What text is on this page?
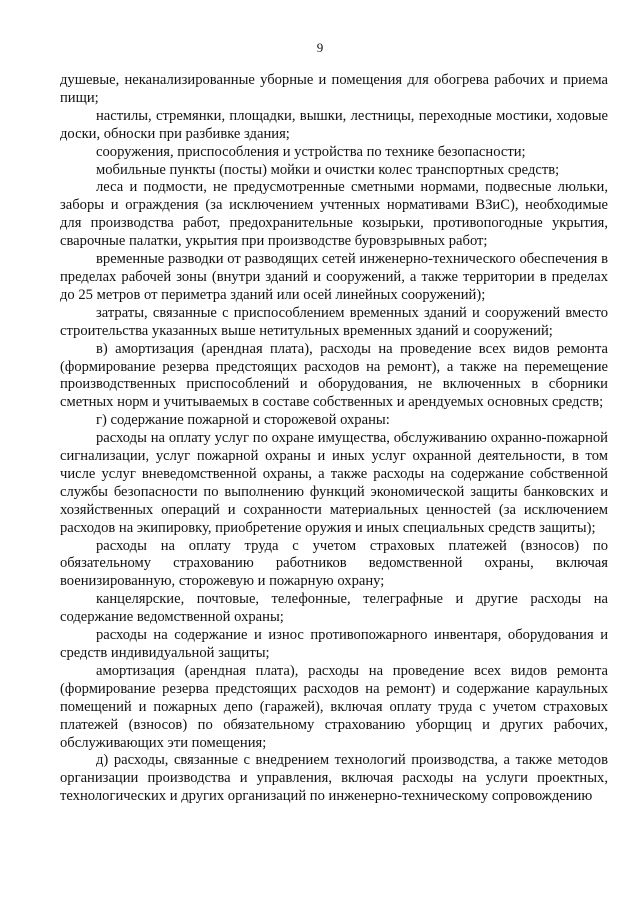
9

душевые, неканализированные уборные и помещения для обогрева рабочих и приема пищи;

настилы, стремянки, площадки, вышки, лестницы, переходные мостики, ходовые доски, обноски при разбивке здания;

сооружения, приспособления и устройства по технике безопасности;

мобильные пункты (посты) мойки и очистки колес транспортных средств;

леса и подмости, не предусмотренные сметными нормами, подвесные люльки, заборы и ограждения (за исключением учтенных нормативами ВЗиС), необходимые для производства работ, предохранительные козырьки, противопогодные укрытия, сварочные палатки, укрытия при производстве буровзрывных работ;

временные разводки от разводящих сетей инженерно-технического обеспечения в пределах рабочей зоны (внутри зданий и сооружений, а также территории в пределах до 25 метров от периметра зданий или осей линейных сооружений);

затраты, связанные с приспособлением временных зданий и сооружений вместо строительства указанных выше нетитульных временных зданий и сооружений;

в) амортизация (арендная плата), расходы на проведение всех видов ремонта (формирование резерва предстоящих расходов на ремонт), а также на перемещение производственных приспособлений и оборудования, не включенных в сборники сметных норм и учитываемых в составе собственных и арендуемых основных средств;

г) содержание пожарной и сторожевой охраны:

расходы на оплату услуг по охране имущества, обслуживанию охранно-пожарной сигнализации, услуг пожарной охраны и иных услуг охранной деятельности, в том числе услуг вневедомственной охраны, а также расходы на содержание собственной службы безопасности по выполнению функций экономической защиты банковских и хозяйственных операций и сохранности материальных ценностей (за исключением расходов на экипировку, приобретение оружия и иных специальных средств защиты);

расходы на оплату труда с учетом страховых платежей (взносов) по обязательному страхованию работников ведомственной охраны, включая военизированную, сторожевую и пожарную охрану;

канцелярские, почтовые, телефонные, телеграфные и другие расходы на содержание ведомственной охраны;

расходы на содержание и износ противопожарного инвентаря, оборудования и средств индивидуальной защиты;

амортизация (арендная плата), расходы на проведение всех видов ремонта (формирование резерва предстоящих расходов на ремонт) и содержание караульных помещений и пожарных депо (гаражей), включая оплату труда с учетом страховых платежей (взносов) по обязательному страхованию уборщиц и других рабочих, обслуживающих эти помещения;

д) расходы, связанные с внедрением технологий производства, а также методов организации производства и управления, включая расходы на услуги проектных, технологических и других организаций по инженерно-техническому сопровождению
